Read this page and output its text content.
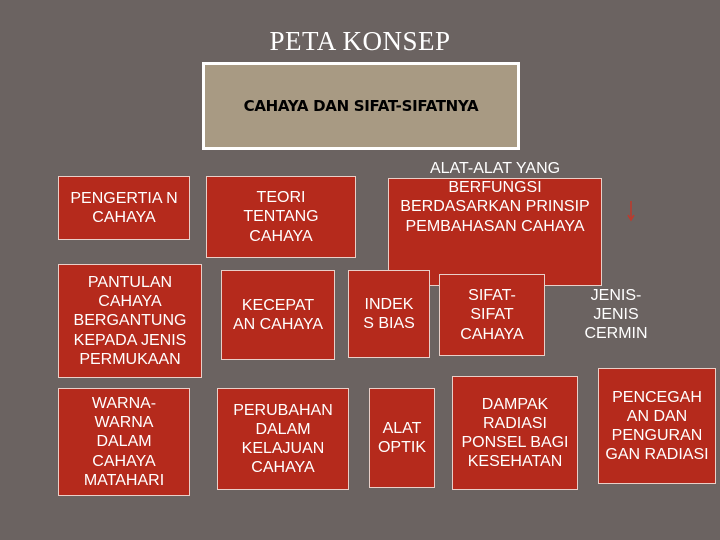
PETA KONSEP
CAHAYA DAN SIFAT-SIFATNYA
PENGERTIA N CAHAYA
TEORI TENTANG CAHAYA
ALAT-ALAT YANG BERFUNGSI BERDASARKAN PRINSIP PEMBAHASAN CAHAYA
PANTULAN CAHAYA BERGANTUNG KEPADA JENIS PERMUKAAN
KECEPAT AN CAHAYA
INDEK S BIAS
SIFAT- SIFAT CAHAYA
JENIS- JENIS CERMIN
WARNA- WARNA DALAM CAHAYA MATAHARI
PERUBAHAN DALAM KELAJUAN CAHAYA
ALAT OPTIK
DAMPAK RADIASI PONSEL BAGI KESEHATAN
PENCEGAH AN DAN PENGURAN GAN RADIASI
